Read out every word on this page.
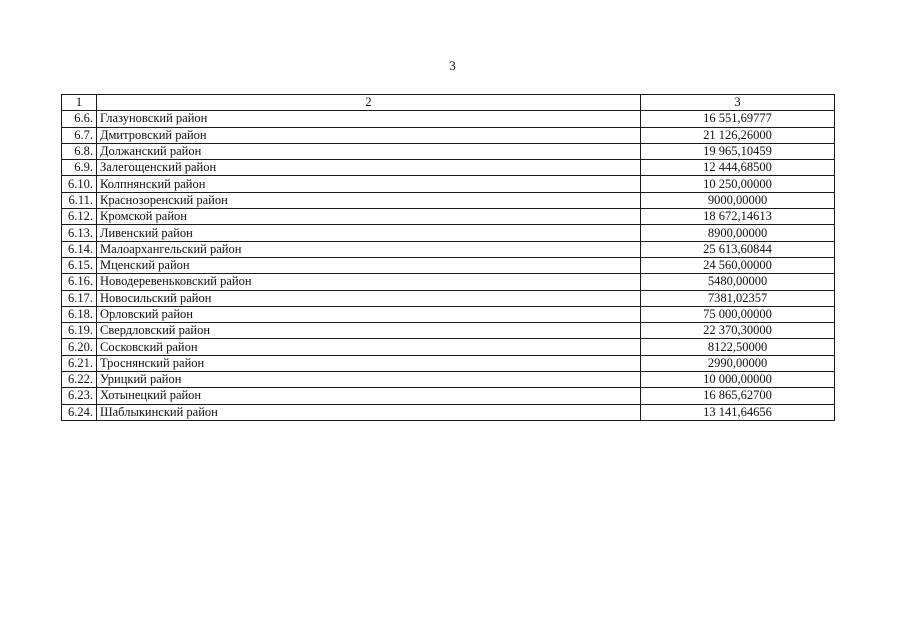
3
1	2	3
6.6.	Глазуновский район	16 551,69777
6.7.	Дмитровский район	21 126,26000
6.8.	Должанский район	19 965,10459
6.9.	Залегощенский район	12 444,68500
6.10.	Колпнянский район	10 250,00000
6.11.	Краснозоренский район	9000,00000
6.12.	Кромской район	18 672,14613
6.13.	Ливенский район	8900,00000
6.14.	Малоархангельский район	25 613,60844
6.15.	Мценский район	24 560,00000
6.16.	Новодеревеньковский район	5480,00000
6.17.	Новосильский район	7381,02357
6.18.	Орловский район	75 000,00000
6.19.	Свердловский район	22 370,30000
6.20.	Сосковский район	8122,50000
6.21.	Троснянский район	2990,00000
6.22.	Урицкий район	10 000,00000
6.23.	Хотынецкий район	16 865,62700
6.24.	Шаблыкинский район	13 141,64656
